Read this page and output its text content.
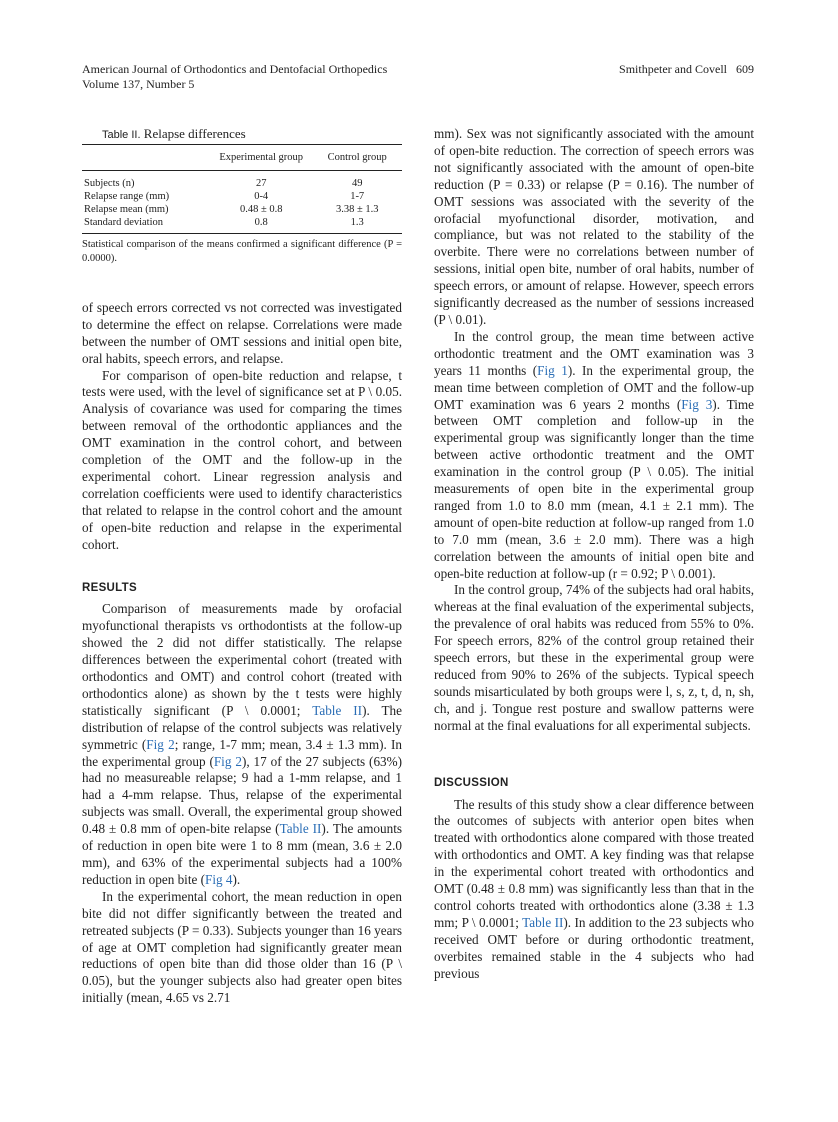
American Journal of Orthodontics and Dentofacial Orthopedics
Volume 137, Number 5
Smithpeter and Covell 609

Table II. Relapse differences

	Experimental group	Control group
Subjects (n)	27	49
Relapse range (mm)	0-4	1-7
Relapse mean (mm)	0.48 ± 0.8	3.38 ± 1.3
Standard deviation	0.8	1.3
Statistical comparison of the means confirmed a significant difference (P = 0.0000).

of speech errors corrected vs not corrected was investigated to determine the effect on relapse. Correlations were made between the number of OMT sessions and initial open bite, oral habits, speech errors, and relapse.

For comparison of open-bite reduction and relapse, t tests were used, with the level of significance set at P \ 0.05. Analysis of covariance was used for comparing the times between removal of the orthodontic appliances and the OMT examination in the control cohort, and between completion of the OMT and the follow-up in the experimental cohort. Linear regression analysis and correlation coefficients were used to identify characteristics that related to relapse in the control cohort and the amount of open-bite reduction and relapse in the experimental cohort.

RESULTS

Comparison of measurements made by orofacial myofunctional therapists vs orthodontists at the follow-up showed the 2 did not differ statistically. The relapse differences between the experimental cohort (treated with orthodontics and OMT) and control cohort (treated with orthodontics alone) as shown by the t tests were highly statistically significant (P \ 0.0001; Table II). The distribution of relapse of the control subjects was relatively symmetric (Fig 2; range, 1-7 mm; mean, 3.4 ± 1.3 mm). In the experimental group (Fig 2), 17 of the 27 subjects (63%) had no measureable relapse; 9 had a 1-mm relapse, and 1 had a 4-mm relapse. Thus, relapse of the experimental subjects was small. Overall, the experimental group showed 0.48 ± 0.8 mm of open-bite relapse (Table II). The amounts of reduction in open bite were 1 to 8 mm (mean, 3.6 ± 2.0 mm), and 63% of the experimental subjects had a 100% reduction in open bite (Fig 4).

In the experimental cohort, the mean reduction in open bite did not differ significantly between the treated and retreated subjects (P = 0.33). Subjects younger than 16 years of age at OMT completion had significantly greater mean reductions of open bite than did those older than 16 (P \ 0.05), but the younger subjects also had greater open bites initially (mean, 4.65 vs 2.71

mm). Sex was not significantly associated with the amount of open-bite reduction. The correction of speech errors was not significantly associated with the amount of open-bite reduction (P = 0.33) or relapse (P = 0.16). The number of OMT sessions was associated with the severity of the orofacial myofunctional disorder, motivation, and compliance, but was not related to the stability of the overbite. There were no correlations between number of sessions, initial open bite, number of oral habits, number of speech errors, or amount of relapse. However, speech errors significantly decreased as the number of sessions increased (P \ 0.01).

In the control group, the mean time between active orthodontic treatment and the OMT examination was 3 years 11 months (Fig 1). In the experimental group, the mean time between completion of OMT and the follow-up OMT examination was 6 years 2 months (Fig 3). Time between OMT completion and follow-up in the experimental group was significantly longer than the time between active orthodontic treatment and the OMT examination in the control group (P \ 0.05). The initial measurements of open bite in the experimental group ranged from 1.0 to 8.0 mm (mean, 4.1 ± 2.1 mm). The amount of open-bite reduction at follow-up ranged from 1.0 to 7.0 mm (mean, 3.6 ± 2.0 mm). There was a high correlation between the amounts of initial open bite and open-bite reduction at follow-up (r = 0.92; P \ 0.001).

In the control group, 74% of the subjects had oral habits, whereas at the final evaluation of the experimental subjects, the prevalence of oral habits was reduced from 55% to 0%. For speech errors, 82% of the control group retained their speech errors, but these in the experimental group were reduced from 90% to 26% of the subjects. Typical speech sounds misarticulated by both groups were l, s, z, t, d, n, sh, ch, and j. Tongue rest posture and swallow patterns were normal at the final evaluations for all experimental subjects.

DISCUSSION

The results of this study show a clear difference between the outcomes of subjects with anterior open bites when treated with orthodontics alone compared with those treated with orthodontics and OMT. A key finding was that relapse in the experimental cohort treated with orthodontics and OMT (0.48 ± 0.8 mm) was significantly less than that in the control cohorts treated with orthodontics alone (3.38 ± 1.3 mm; P \ 0.0001; Table II). In addition to the 23 subjects who received OMT before or during orthodontic treatment, overbites remained stable in the 4 subjects who had previous
